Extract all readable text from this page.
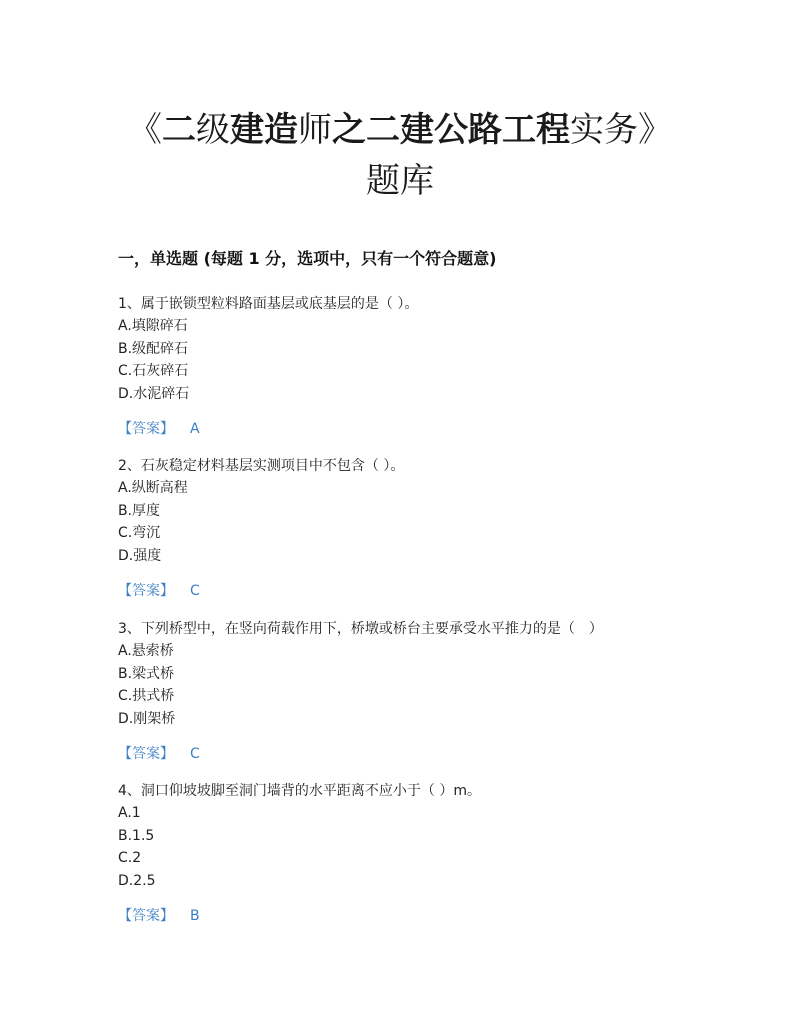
《二级建造师之二建公路工程实务》
题库
一，单选题 (每题 1 分，选项中，只有一个符合题意)
1、属于嵌锁型粒料路面基层或底基层的是（ ）。
A.填隙碎石
B.级配碎石
C.石灰碎石
D.水泥碎石
【答案】 A
2、石灰稳定材料基层实测项目中不包含（ ）。
A.纵断高程
B.厚度
C.弯沉
D.强度
【答案】 C
3、下列桥型中，在竖向荷载作用下，桥墩或桥台主要承受水平推力的是（　）
A.悬索桥
B.梁式桥
C.拱式桥
D.刚架桥
【答案】 C
4、洞口仰坡坡脚至洞门墙背的水平距离不应小于（ ）m。
A.1
B.1.5
C.2
D.2.5
【答案】 B
